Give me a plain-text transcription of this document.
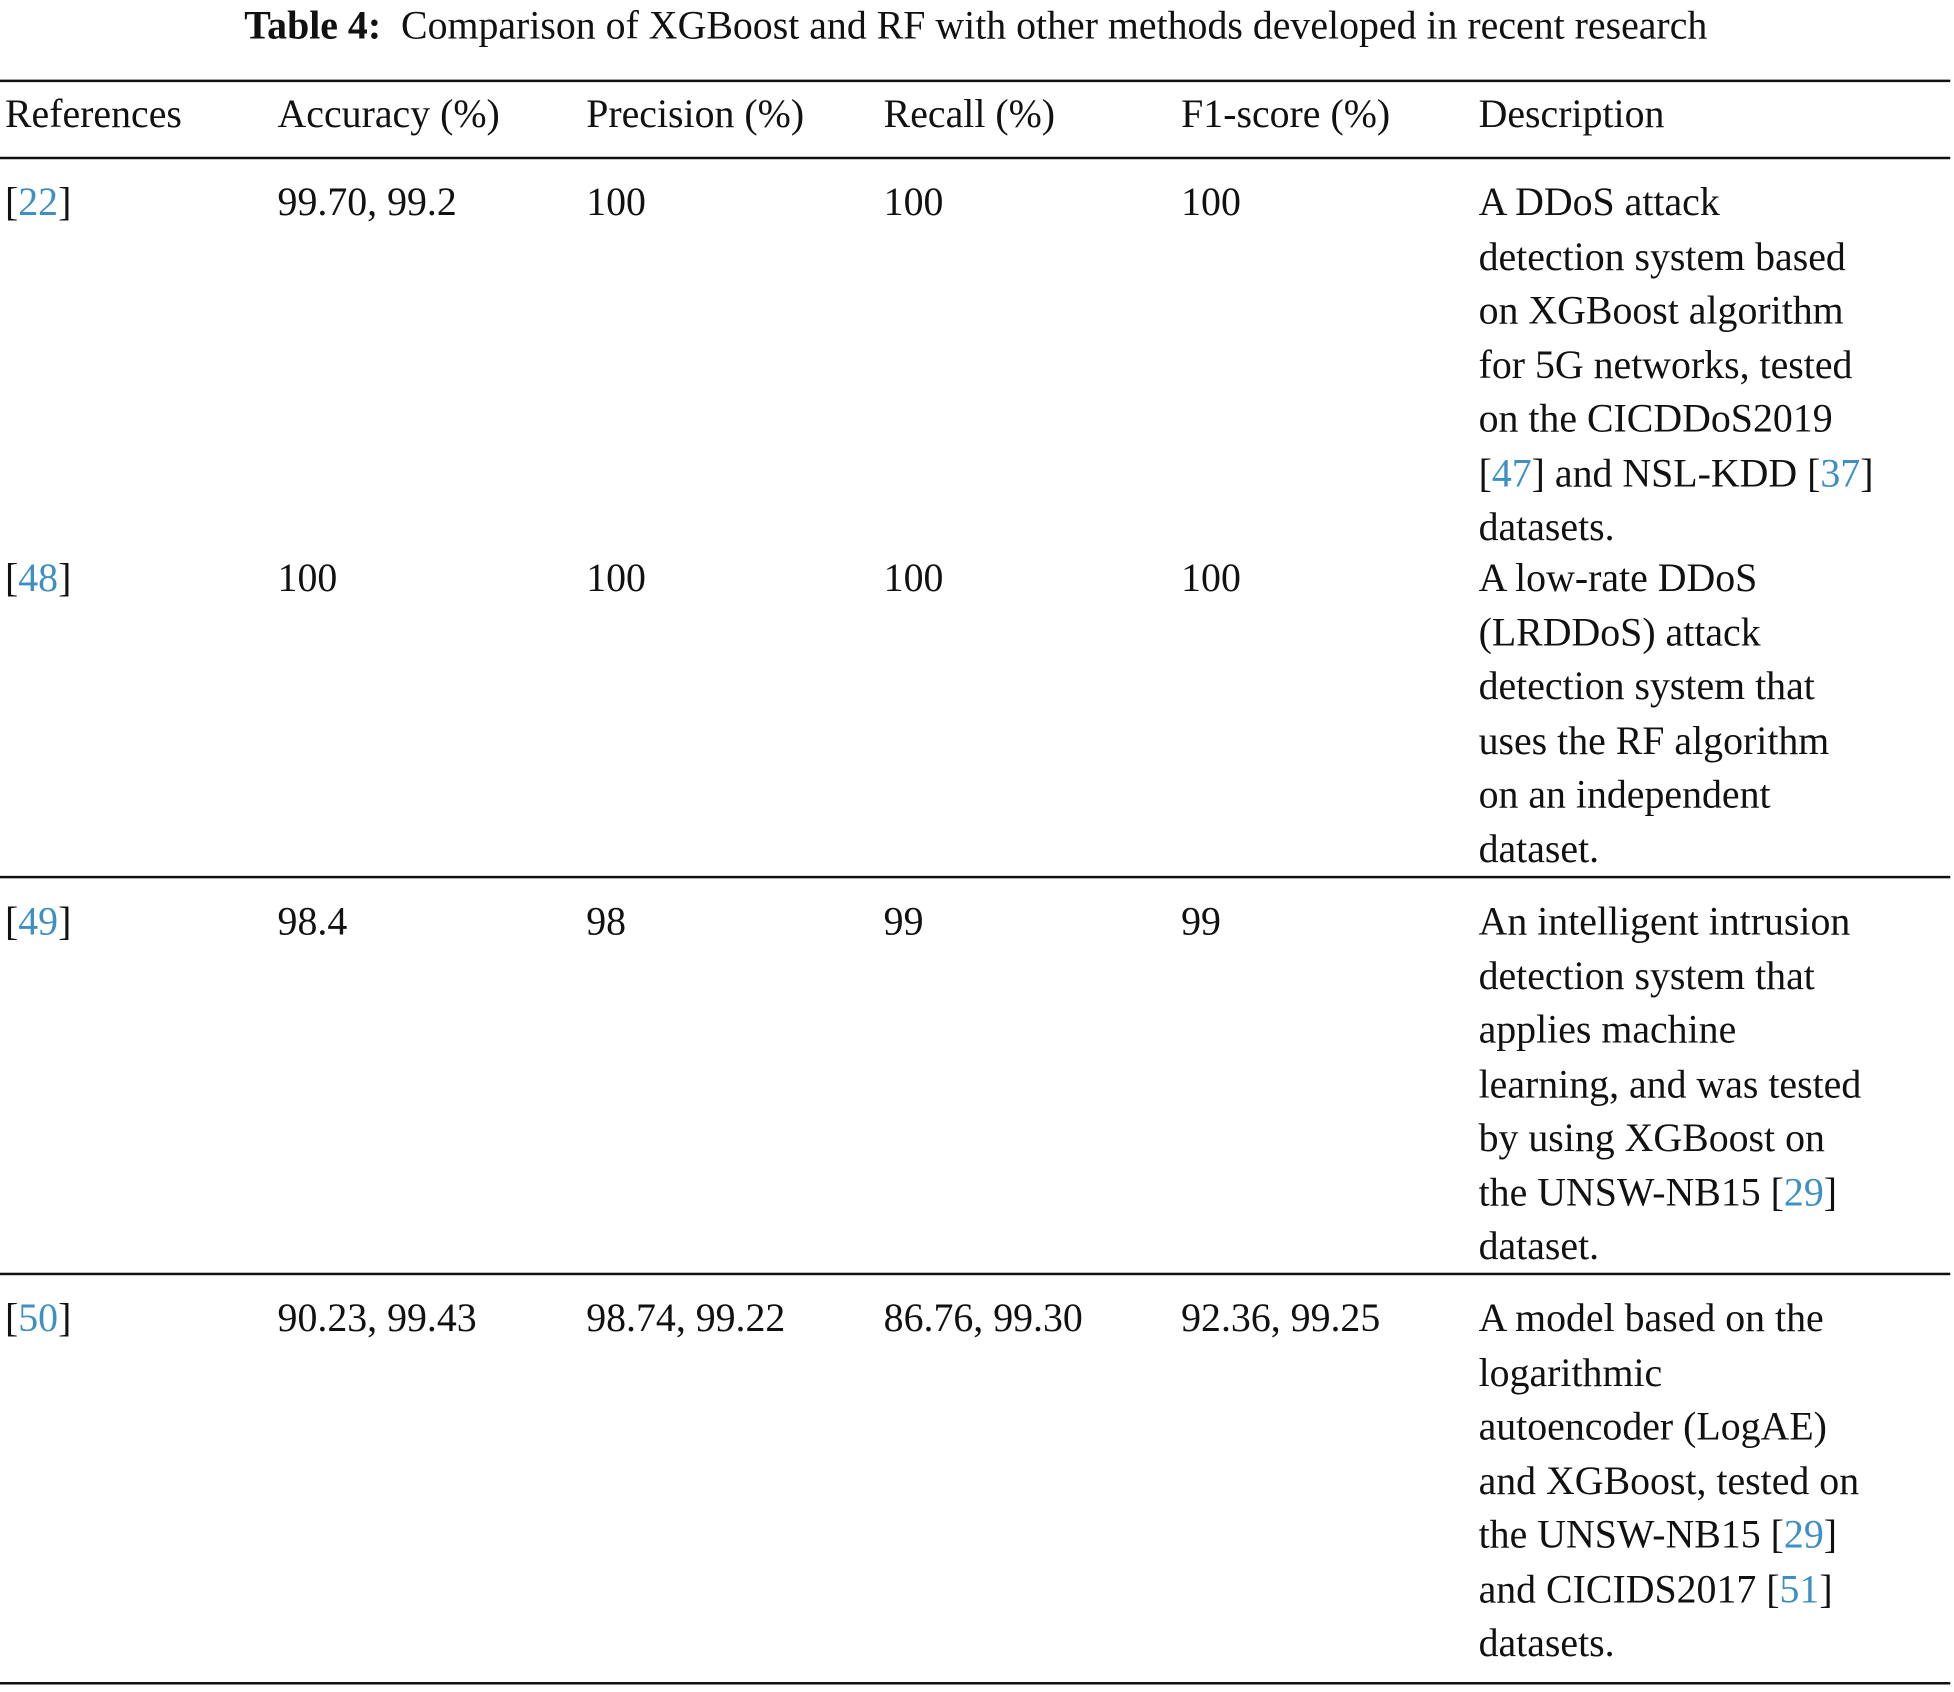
Table 4: Comparison of XGBoost and RF with other methods developed in recent research
References	Accuracy (%)	Precision (%) Recall (%)	F1-score (%)	Description
[22]	99.70, 99.2	100	100	100	A DDoS attack
detection system based
on XGBoost algorithm
for 5G networks, tested
on the CICDDoS2019
[47] and NSL-KDD [37]
datasets.
[48]	100	100	100	100	A low-rate DDoS
(LRDDoS) attack
detection system that
uses the RF algorithm
on an independent
dataset.
[49]	98.4	98	99	99	An intelligent intrusion
detection system that
applies machine
learning, and was tested
by using XGBoost on
the UNSW-NB15 [29]
dataset.
[50]	90.23, 99.43	98.74, 99.22	86.76, 99.30	92.36, 99.25	A model based on the
logarithmic
autoencoder (LogAE)
and XGBoost, tested on
the UNSW-NB15 [29]
and CICIDS2017 [51]
datasets.
